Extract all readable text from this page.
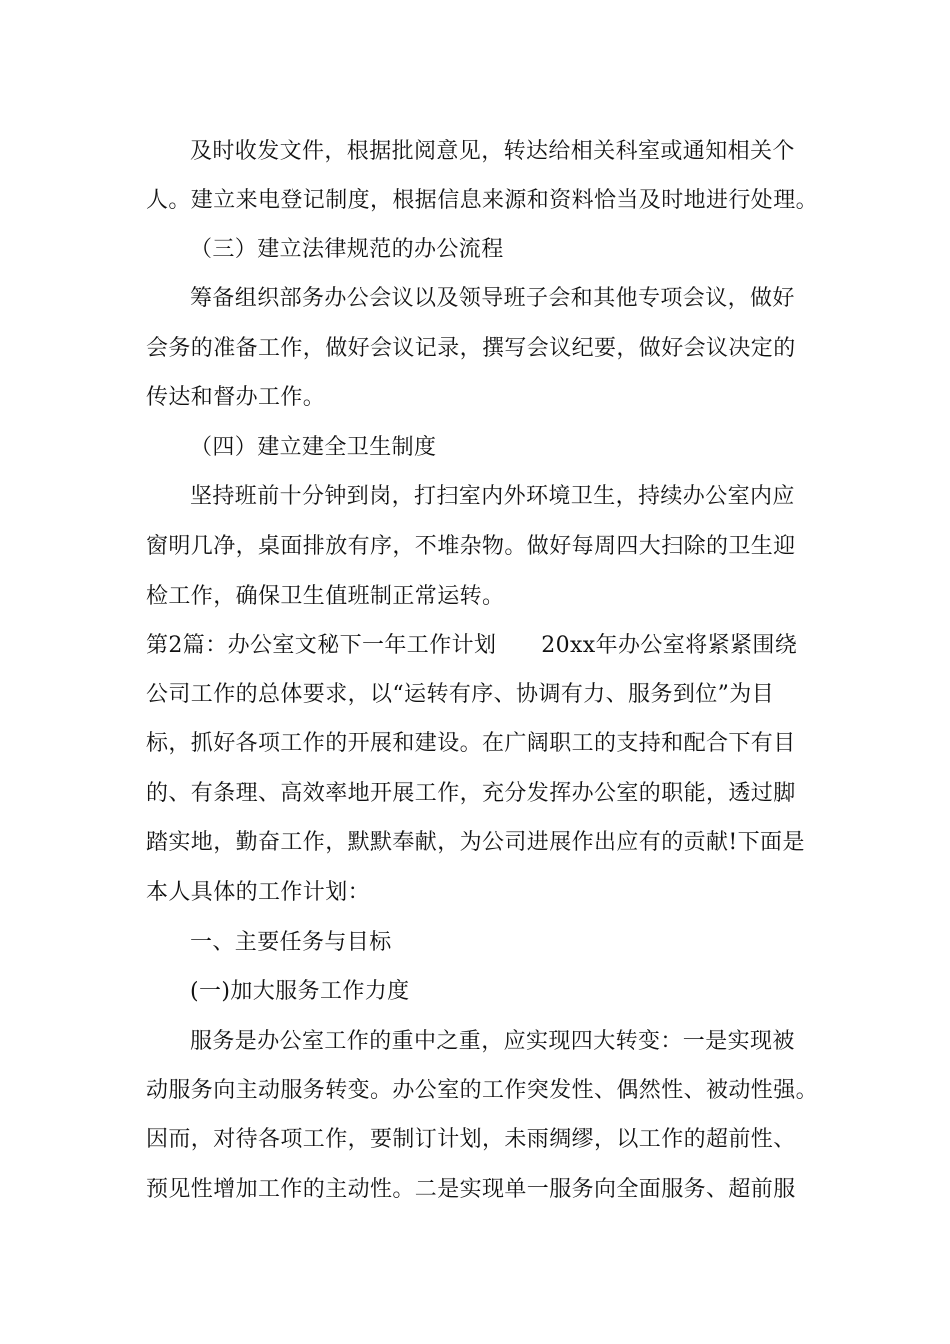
及时收发文件，根据批阅意见，转达给相关科室或通知相关个
人。建立来电登记制度，根据信息来源和资料恰当及时地进行处理。
（三）建立法律规范的办公流程
筹备组织部务办公会议以及领导班子会和其他专项会议，做好
会务的准备工作，做好会议记录，撰写会议纪要，做好会议决定的
传达和督办工作。
（四）建立建全卫生制度
坚持班前十分钟到岗，打扫室内外环境卫生，持续办公室内应
窗明几净，桌面排放有序，不堆杂物。做好每周四大扫除的卫生迎
检工作，确保卫生值班制正常运转。
第2篇：办公室文秘下一年工作计划　　20xx年办公室将紧紧围绕
公司工作的总体要求，以“运转有序、协调有力、服务到位”为目
标，抓好各项工作的开展和建设。在广阔职工的支持和配合下有目
的、有条理、高效率地开展工作，充分发挥办公室的职能，透过脚
踏实地，勤奋工作，默默奉献，为公司进展作出应有的贡献!下面是
本人具体的工作计划：
一、主要任务与目标
(一)加大服务工作力度
服务是办公室工作的重中之重，应实现四大转变：一是实现被
动服务向主动服务转变。办公室的工作突发性、偶然性、被动性强。
因而，对待各项工作，要制订计划，未雨绸缪，以工作的超前性、
预见性增加工作的主动性。二是实现单一服务向全面服务、超前服
